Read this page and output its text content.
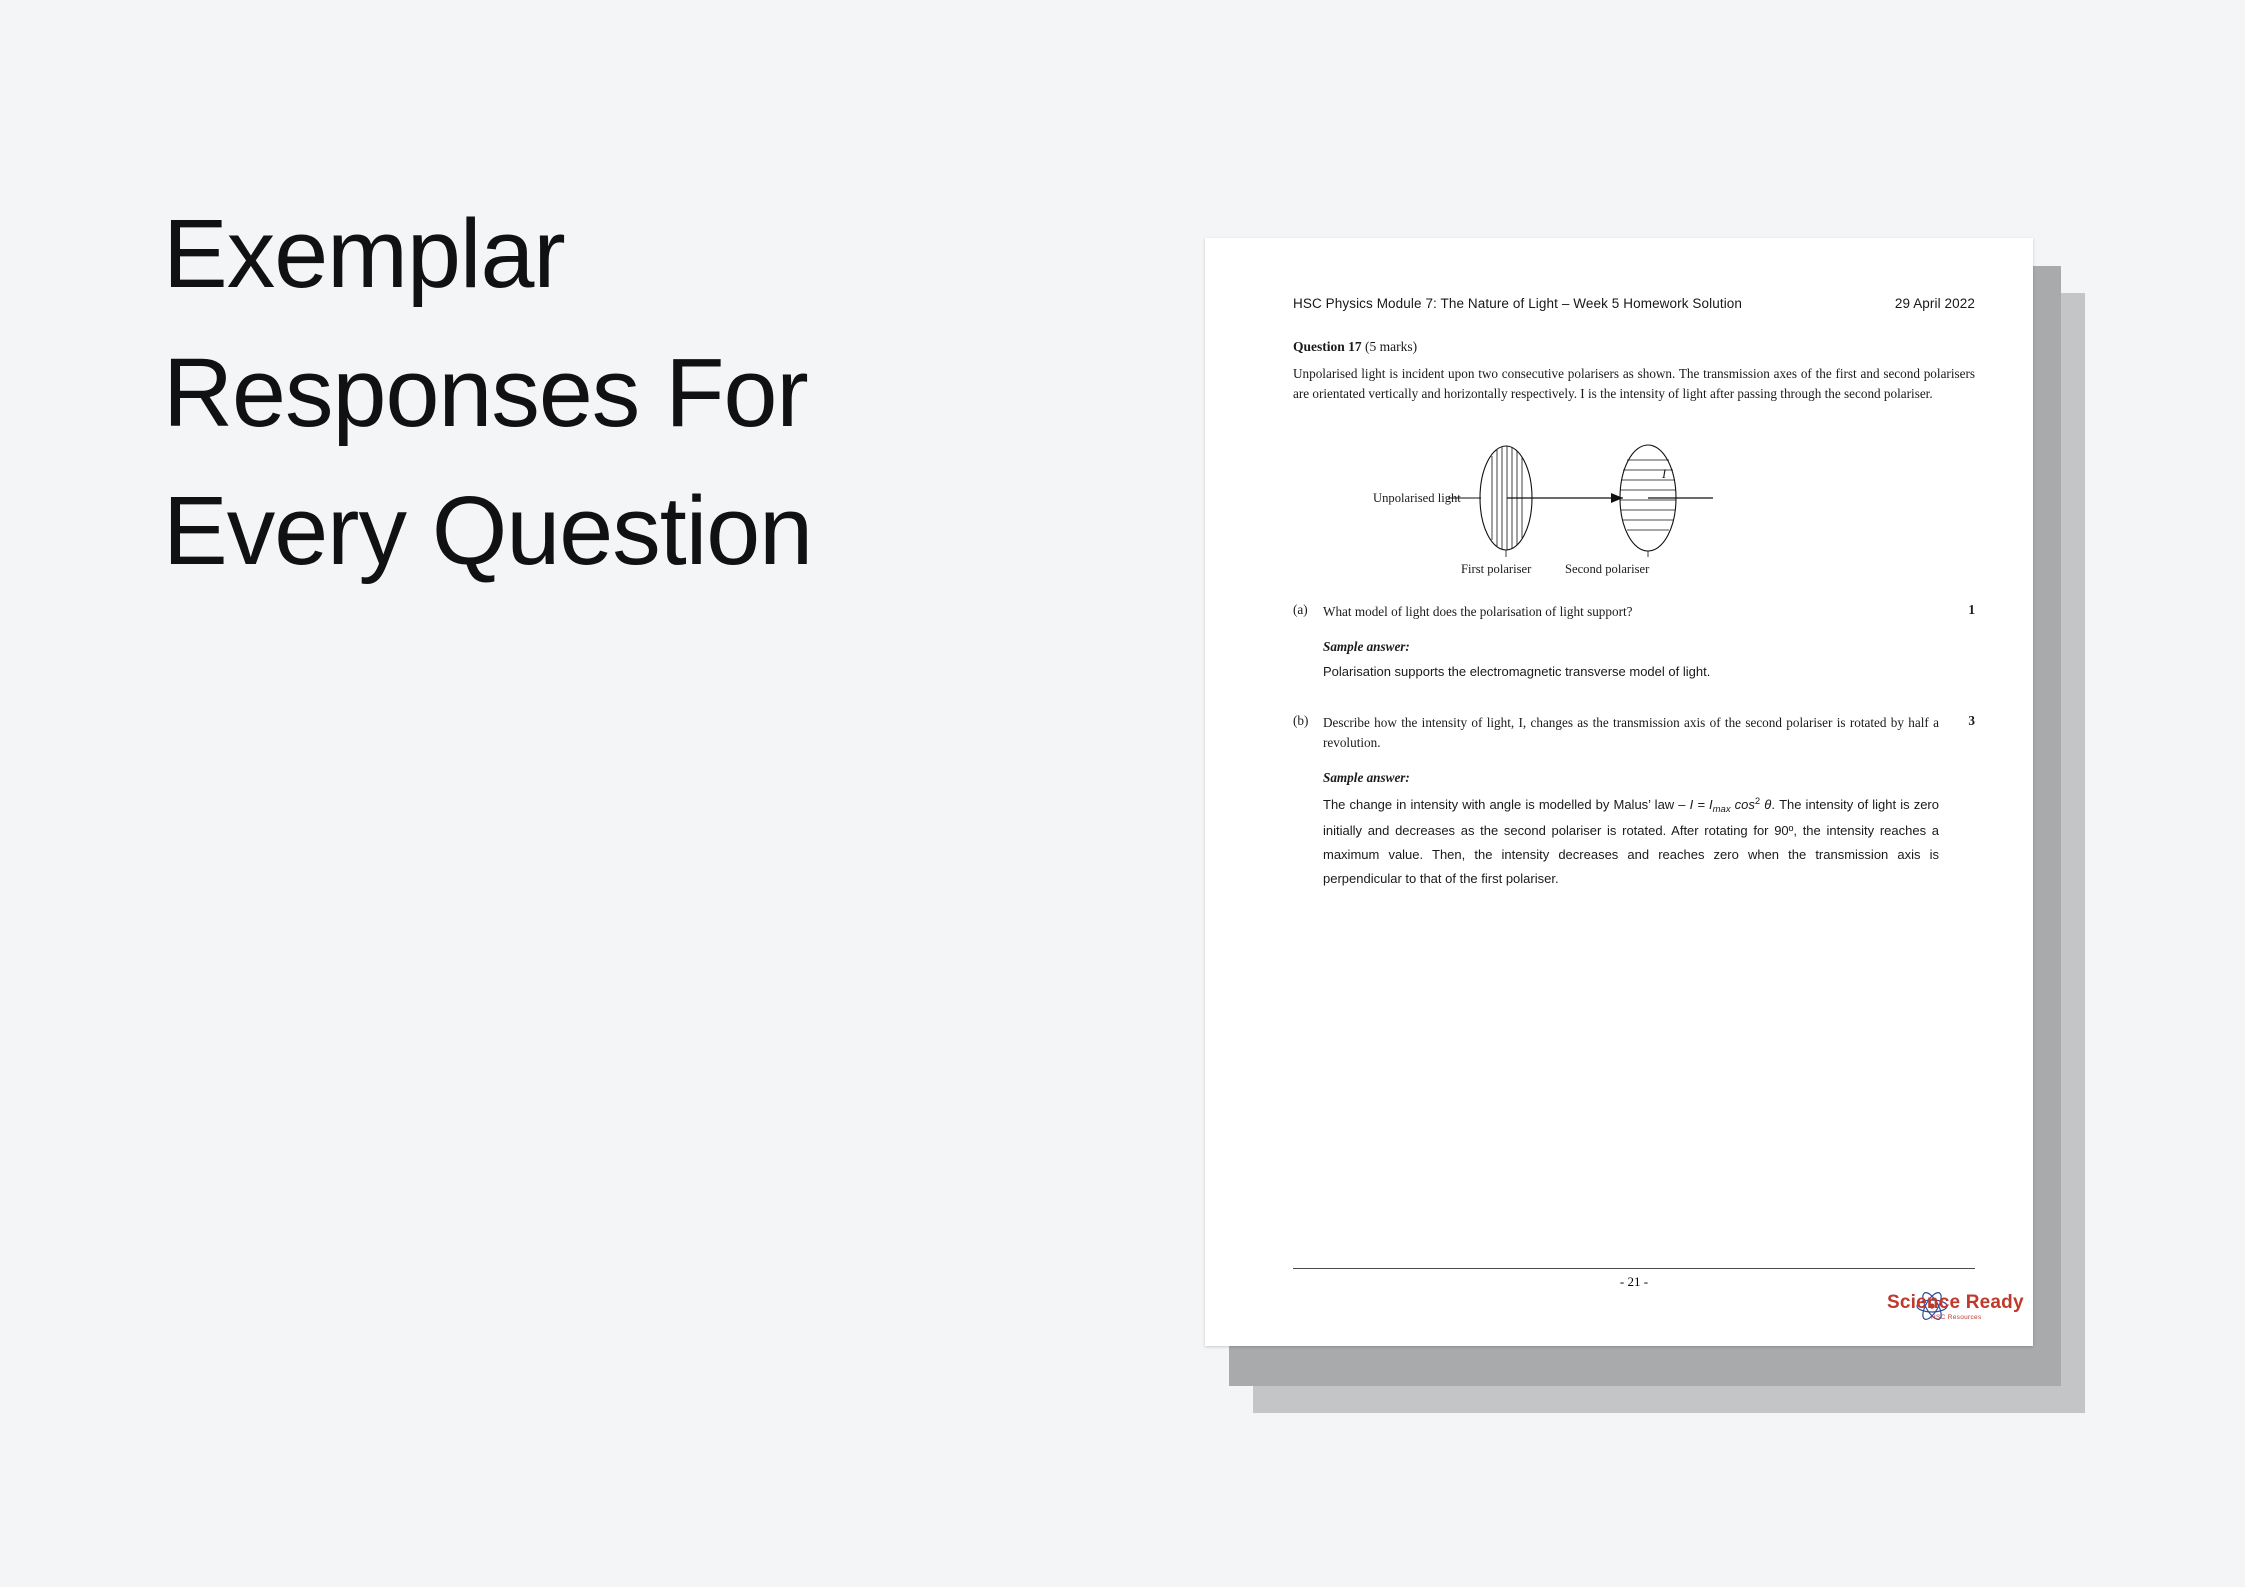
Exemplar
Responses For
Every Question
HSC Physics Module 7: The Nature of Light – Week 5 Homework Solution	29 April 2022
Question 17 (5 marks)
Unpolarised light is incident upon two consecutive polarisers as shown. The transmission axes of the first and second polarisers are orientated vertically and horizontally respectively. I is the intensity of light after passing through the second polariser.
Unpolarised light
First polariser	Second polariser
I
(a)	What model of light does the polarisation of light support?	1
Sample answer:
Polarisation supports the electromagnetic transverse model of light.
(b)	Describe how the intensity of light, I, changes as the transmission axis of the second polariser is rotated by half a revolution.
3
Sample answer:
The change in intensity with angle is modelled by Malus’ law – $I = I_{max}$ $\cos^2 \theta$. The intensity of light is zero initially and decreases as the second polariser is rotated. After rotating for 90º, the intensity reaches a maximum value. Then, the intensity decreases and reaches zero when the transmission axis is perpendicular to that of the first polariser.
- 21 -
Science Ready
HSC Resources
